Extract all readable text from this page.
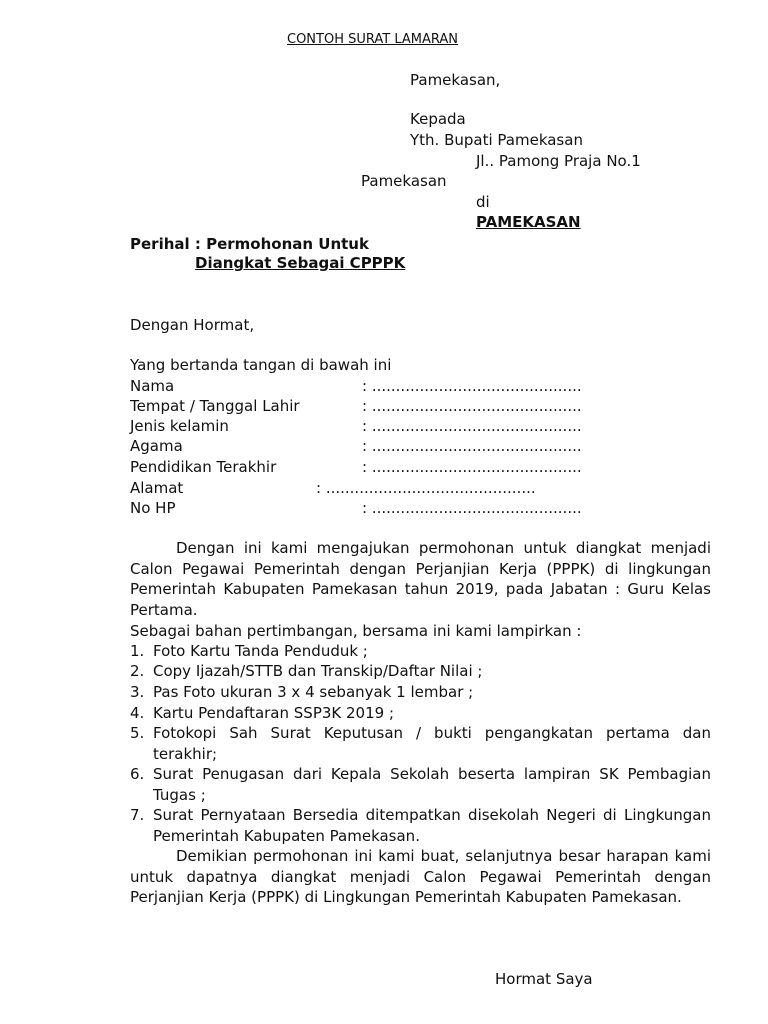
CONTOH SURAT LAMARAN
Pamekasan,
Kepada
Yth. Bupati Pamekasan
Jl.. Pamong Praja No.1
Pamekasan
di
PAMEKASAN
Perihal : Permohonan Untuk
Diangkat Sebagai CPPPK
Dengan Hormat,
Yang bertanda tangan di bawah ini
Nama	: ............................................
Tempat / Tanggal Lahir	: ............................................
Jenis kelamin	: ............................................
Agama	: ............................................
Pendidikan Terakhir	: ............................................
Alamat	: ............................................
No HP	: ............................................
Dengan ini kami mengajukan permohonan untuk diangkat menjadi Calon Pegawai Pemerintah dengan Perjanjian Kerja (PPPK) di lingkungan Pemerintah Kabupaten Pamekasan tahun 2019, pada Jabatan : Guru Kelas Pertama.
Sebagai bahan pertimbangan, bersama ini kami lampirkan :
1. Foto Kartu Tanda Penduduk ;
2. Copy Ijazah/STTB dan Transkip/Daftar Nilai ;
3. Pas Foto ukuran 3 x 4 sebanyak 1 lembar ;
4. Kartu Pendaftaran SSP3K 2019 ;
5. Fotokopi Sah Surat Keputusan / bukti pengangkatan pertama dan terakhir;
6. Surat Penugasan dari Kepala Sekolah beserta lampiran SK Pembagian Tugas ;
7. Surat Pernyataan Bersedia ditempatkan disekolah Negeri di Lingkungan Pemerintah Kabupaten Pamekasan.
Demikian permohonan ini kami buat, selanjutnya besar harapan kami untuk dapatnya diangkat menjadi Calon Pegawai Pemerintah dengan Perjanjian Kerja (PPPK) di Lingkungan Pemerintah Kabupaten Pamekasan.
Hormat Saya
